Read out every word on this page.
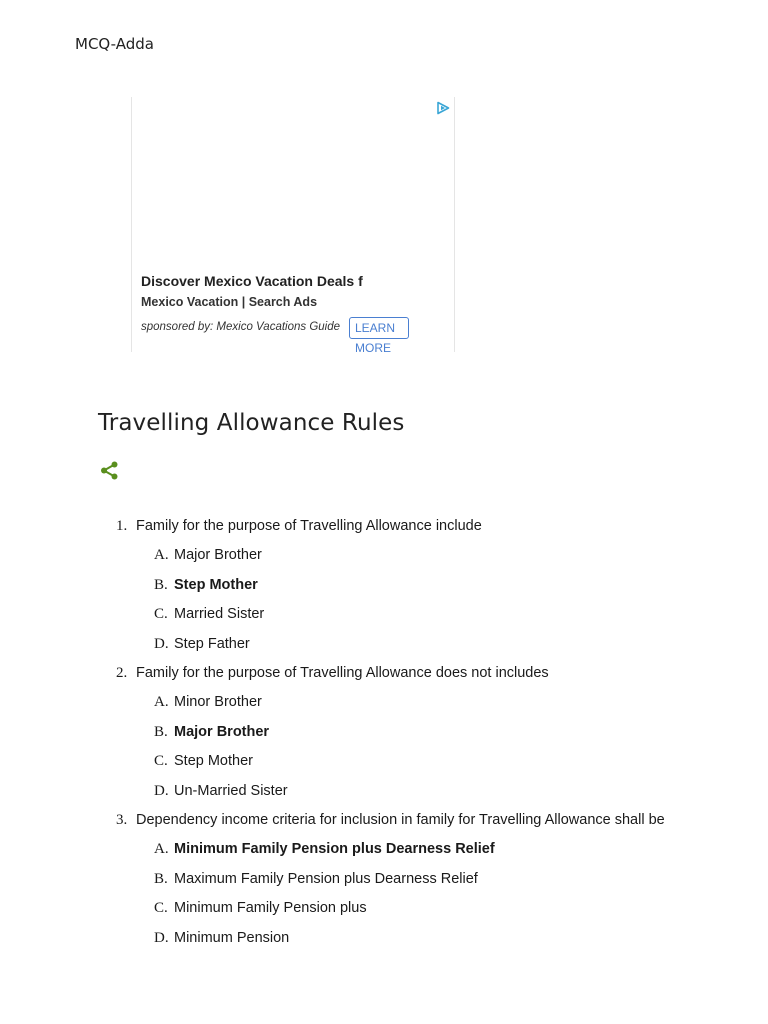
MCQ-Adda
Discover Mexico Vacation Deals f
Mexico Vacation | Search Ads
sponsored by: Mexico Vacations Guide	LEARN MORE
Travelling Allowance Rules
1. Family for the purpose of Travelling Allowance include
A. Major Brother
B. Step Mother
C. Married Sister
D. Step Father
2. Family for the purpose of Travelling Allowance does not includes
A. Minor Brother
B. Major Brother
C. Step Mother
D. Un-Married Sister
3. Dependency income criteria for inclusion in family for Travelling Allowance shall be
A. Minimum Family Pension plus Dearness Relief
B. Maximum Family Pension plus Dearness Relief
C. Minimum Family Pension plus
D. Minimum Pension
